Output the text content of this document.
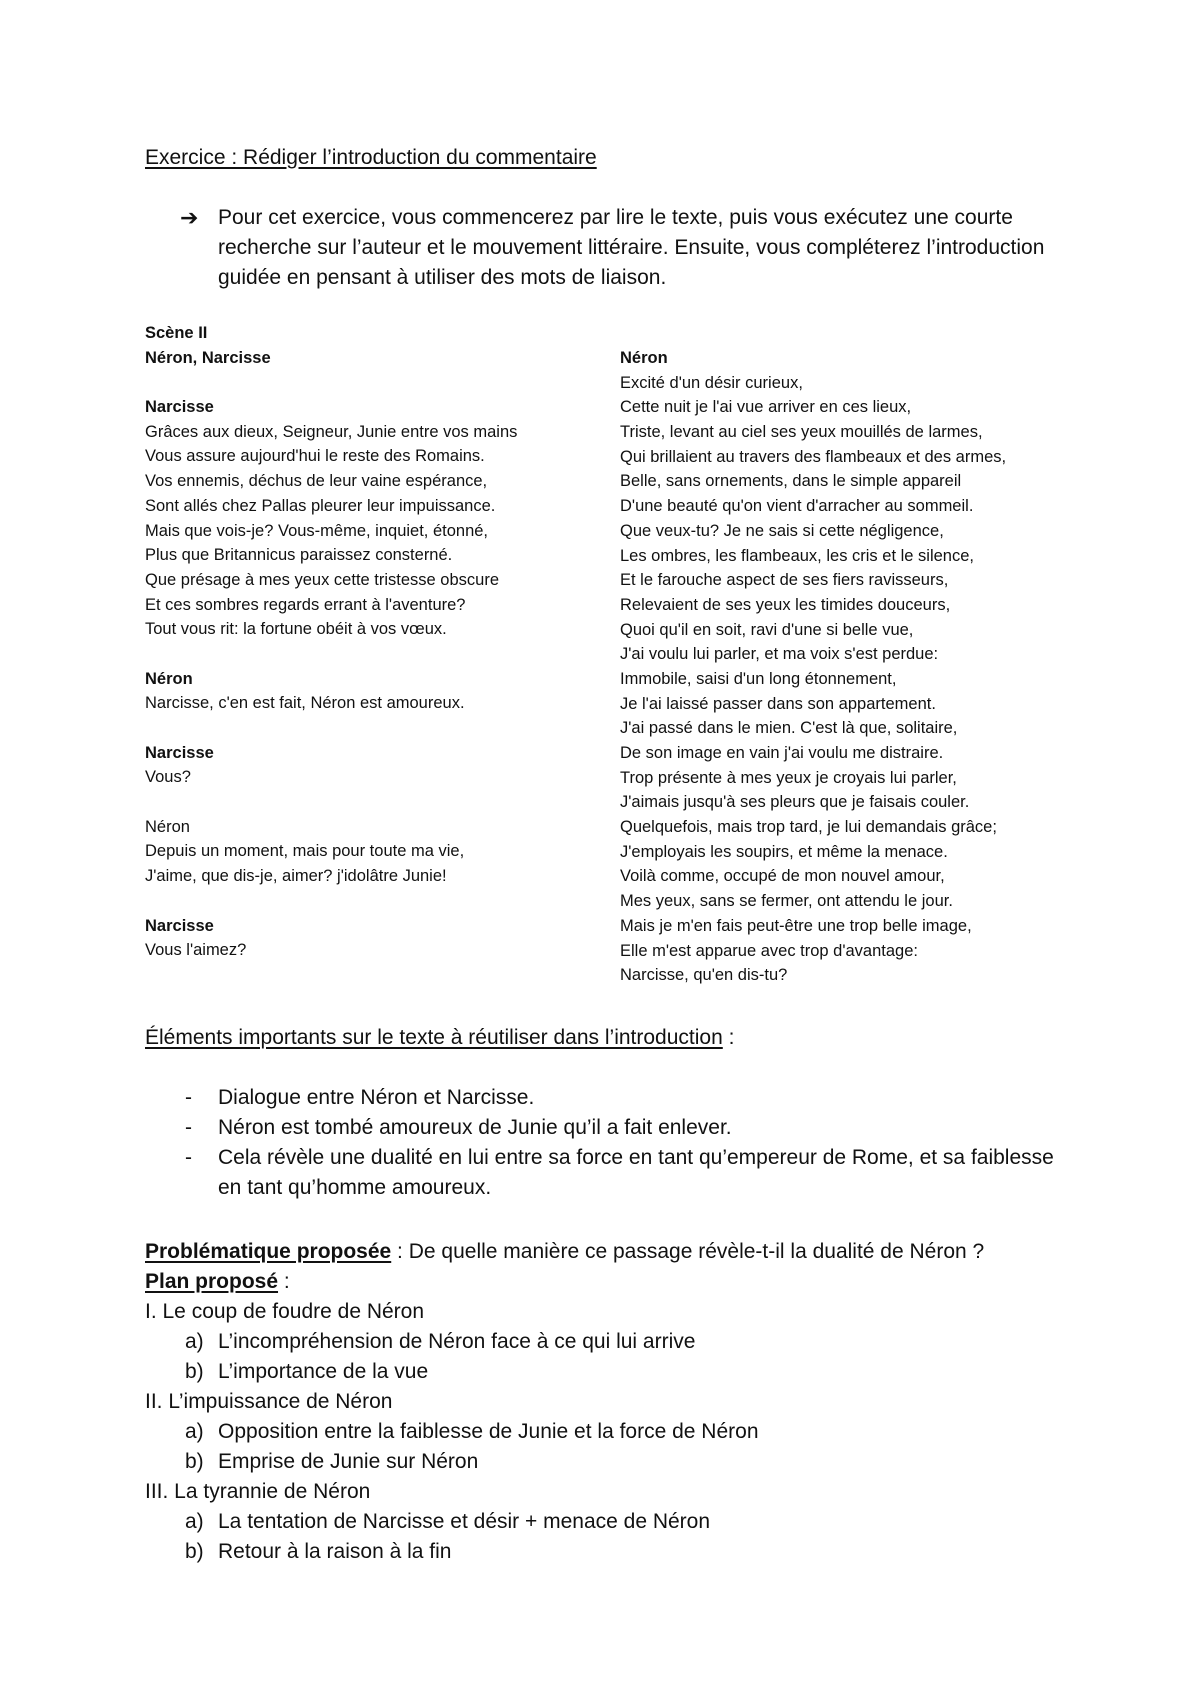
Exercice : Rédiger l’introduction du commentaire
➔ Pour cet exercice, vous commencerez par lire le texte, puis vous exécutez une courte recherche sur l’auteur et le mouvement littéraire. Ensuite, vous compléterez l’introduction guidée en pensant à utiliser des mots de liaison.
Scène II
Néron, Narcisse
Narcisse
Grâces aux dieux, Seigneur, Junie entre vos mains
Vous assure aujourd'hui le reste des Romains.
Vos ennemis, déchus de leur vaine espérance,
Sont allés chez Pallas pleurer leur impuissance.
Mais que vois-je? Vous-même, inquiet, étonné,
Plus que Britannicus paraissez consterné.
Que présage à mes yeux cette tristesse obscure
Et ces sombres regards errant à l'aventure?
Tout vous rit: la fortune obéit à vos vœux.
Néron
Narcisse, c'en est fait, Néron est amoureux.
Narcisse
Vous?
Néron
Depuis un moment, mais pour toute ma vie,
J'aime, que dis-je, aimer? j'idolâtre Junie!
Narcisse
Vous l'aimez?
Néron
Excité d'un désir curieux,
Cette nuit je l'ai vue arriver en ces lieux,
Triste, levant au ciel ses yeux mouillés de larmes,
Qui brillaient au travers des flambeaux et des armes,
Belle, sans ornements, dans le simple appareil
D'une beauté qu'on vient d'arracher au sommeil.
Que veux-tu? Je ne sais si cette négligence,
Les ombres, les flambeaux, les cris et le silence,
Et le farouche aspect de ses fiers ravisseurs,
Relevaient de ses yeux les timides douceurs,
Quoi qu'il en soit, ravi d'une si belle vue,
J'ai voulu lui parler, et ma voix s'est perdue:
Immobile, saisi d'un long étonnement,
Je l'ai laissé passer dans son appartement.
J'ai passé dans le mien. C'est là que, solitaire,
De son image en vain j'ai voulu me distraire.
Trop présente à mes yeux je croyais lui parler,
J'aimais jusqu'à ses pleurs que je faisais couler.
Quelquefois, mais trop tard, je lui demandais grâce;
J'employais les soupirs, et même la menace.
Voilà comme, occupé de mon nouvel amour,
Mes yeux, sans se fermer, ont attendu le jour.
Mais je m'en fais peut-être une trop belle image,
Elle m'est apparue avec trop d'avantage:
Narcisse, qu'en dis-tu?
Éléments importants sur le texte à réutiliser dans l’introduction :
- Dialogue entre Néron et Narcisse.
- Néron est tombé amoureux de Junie qu’il a fait enlever.
- Cela révèle une dualité en lui entre sa force en tant qu’empereur de Rome, et sa faiblesse en tant qu’homme amoureux.
Problématique proposée : De quelle manière ce passage révèle-t-il la dualité de Néron ?
Plan proposé :
I. Le coup de foudre de Néron
a) L’incompréhension de Néron face à ce qui lui arrive
b) L’importance de la vue
II. L’impuissance de Néron
a) Opposition entre la faiblesse de Junie et la force de Néron
b) Emprise de Junie sur Néron
III. La tyrannie de Néron
a) La tentation de Narcisse et désir + menace de Néron
b) Retour à la raison à la fin
